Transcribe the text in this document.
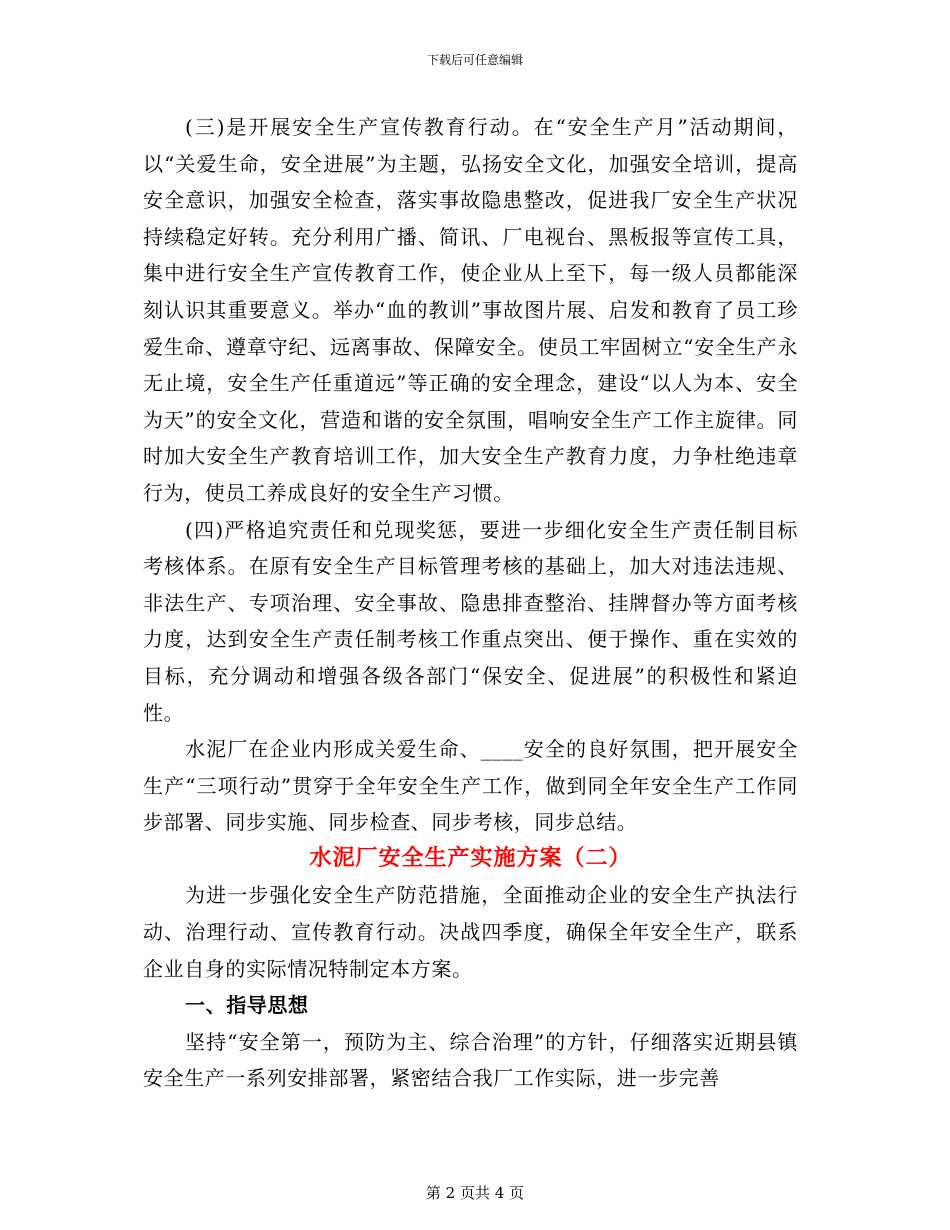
下载后可任意编辑

(三)是开展安全生产宣传教育行动。在“安全生产月”活动期间，以“关爱生命，安全进展”为主题，弘扬安全文化，加强安全培训，提高安全意识，加强安全检查，落实事故隐患整改，促进我厂安全生产状况持续稳定好转。充分利用广播、简讯、厂电视台、黑板报等宣传工具，集中进行安全生产宣传教育工作，使企业从上至下，每一级人员都能深刻认识其重要意义。举办“血的教训”事故图片展、启发和教育了员工珍爱生命、遵章守纪、远离事故、保障安全。使员工牢固树立“安全生产永无止境，安全生产任重道远”等正确的安全理念，建设“以人为本、安全为天”的安全文化，营造和谐的安全氛围，唱响安全生产工作主旋律。同时加大安全生产教育培训工作，加大安全生产教育力度，力争杜绝违章行为，使员工养成良好的安全生产习惯。

(四)严格追究责任和兑现奖惩，要进一步细化安全生产责任制目标考核体系。在原有安全生产目标管理考核的基础上，加大对违法违规、非法生产、专项治理、安全事故、隐患排查整治、挂牌督办等方面考核力度，达到安全生产责任制考核工作重点突出、便于操作、重在实效的目标，充分调动和增强各级各部门“保安全、促进展”的积极性和紧迫性。

水泥厂在企业内形成关爱生命、____安全的良好氛围，把开展安全生产“三项行动”贯穿于全年安全生产工作，做到同全年安全生产工作同步部署、同步实施、同步检查、同步考核，同步总结。

水泥厂安全生产实施方案（二）

为进一步强化安全生产防范措施，全面推动企业的安全生产执法行动、治理行动、宣传教育行动。决战四季度，确保全年安全生产，联系企业自身的实际情况特制定本方案。

一、指导思想

坚持“安全第一，预防为主、综合治理”的方针，仔细落实近期县镇安全生产一系列安排部署，紧密结合我厂工作实际，进一步完善

第 2 页共 4 页
